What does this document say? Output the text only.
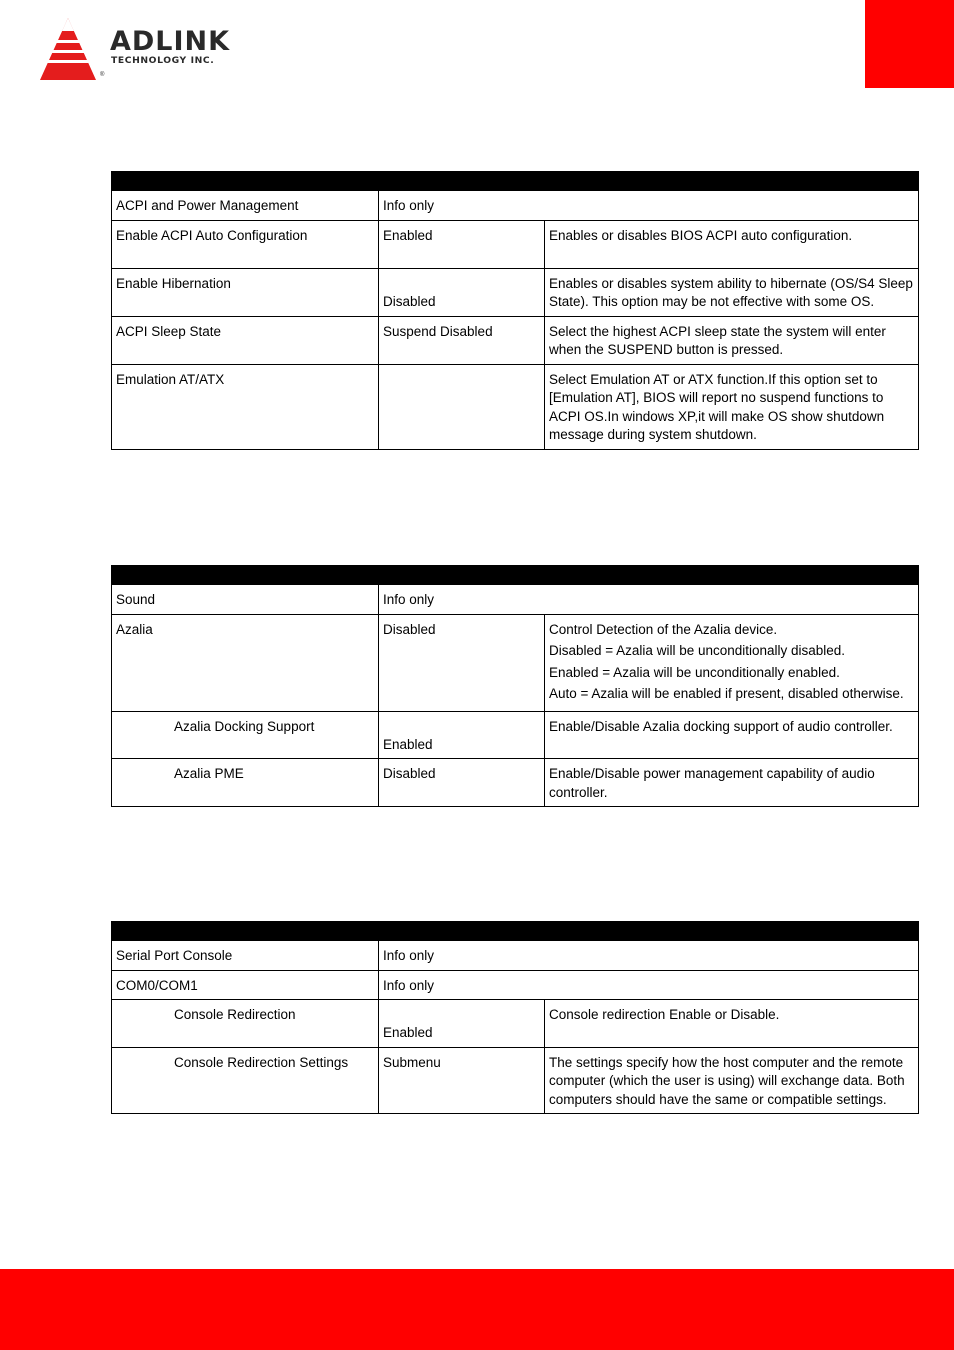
ADLINK
TECHNOLOGY INC.
®

ACPI and Power Management	Info only	
Enable ACPI Auto Configuration	Enabled	Enables or disables BIOS ACPI auto configuration.
Enable Hibernation	Disabled	Enables or disables system ability to hibernate (OS/S4 Sleep State). This option may be not effective with some OS.
ACPI Sleep State	Suspend Disabled	Select the highest ACPI sleep state the system will enter when the SUSPEND button is pressed.
Emulation AT/ATX		Select Emulation AT or ATX function.If this option set to [Emulation AT], BIOS will report no suspend functions to ACPI OS.In windows XP,it will make OS show shutdown message during system shutdown.

Sound	Info only	
Azalia	Disabled	Control Detection of the Azalia device.
Disabled = Azalia will be unconditionally disabled.
Enabled = Azalia will be unconditionally enabled.
Auto = Azalia will be enabled if present, disabled otherwise.

Azalia Docking Support	Enabled	Enable/Disable Azalia docking support of audio controller.
Azalia PME	Disabled	Enable/Disable power management capability of audio controller.

Serial Port Console	Info only	
COM0/COM1	Info only	
Console Redirection	Enabled	Console redirection Enable or Disable.
Console Redirection Settings	Submenu	The settings specify how the host computer and the remote computer (which the user is using) will exchange data. Both computers should have the same or compatible settings.
